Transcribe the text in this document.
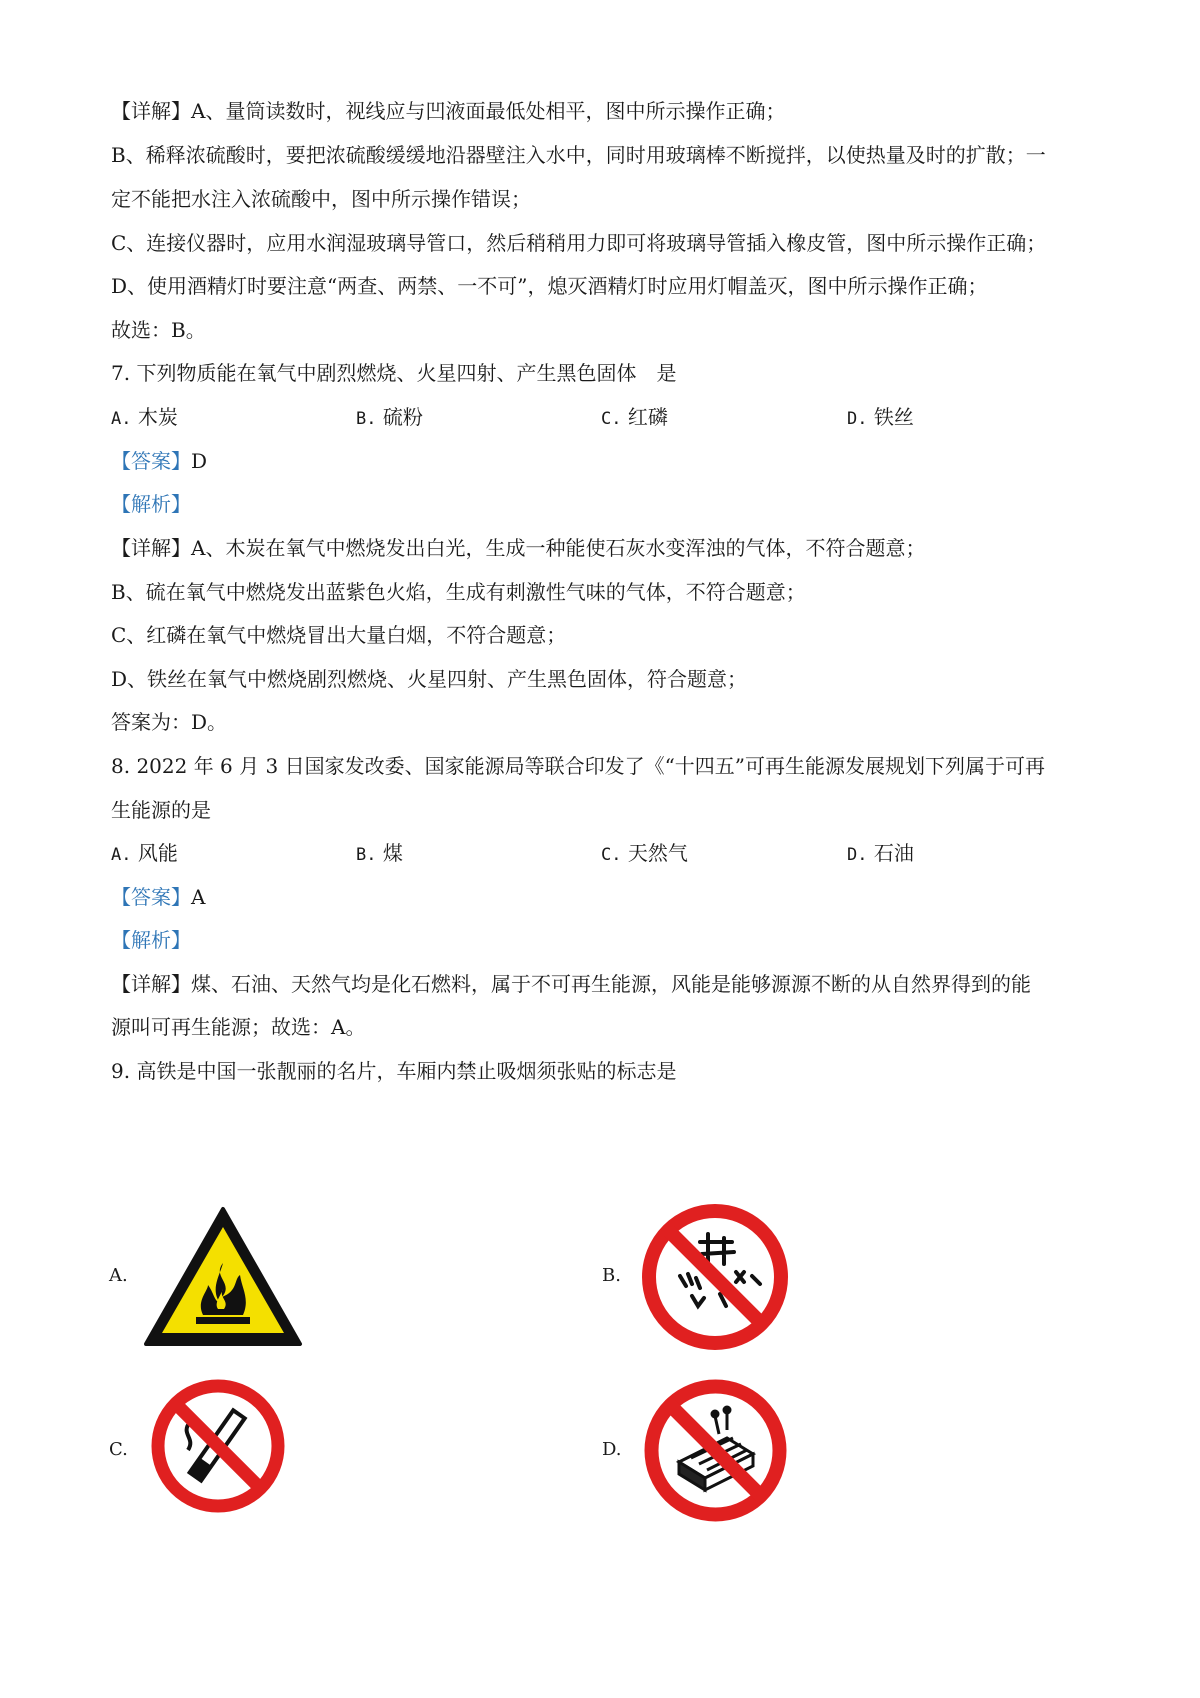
【详解】A、量筒读数时，视线应与凹液面最低处相平，图中所示操作正确；
B、稀释浓硫酸时，要把浓硫酸缓缓地沿器壁注入水中，同时用玻璃棒不断搅拌，以使热量及时的扩散；一
定不能把水注入浓硫酸中，图中所示操作错误；
C、连接仪器时，应用水润湿玻璃导管口，然后稍稍用力即可将玻璃导管插入橡皮管，图中所示操作正确；
D、使用酒精灯时要注意“两查、两禁、一不可”，熄灭酒精灯时应用灯帽盖灭，图中所示操作正确；
故选：B。
7. 下列物质能在氧气中剧烈燃烧、火星四射、产生黑色固体　是
A. 木炭	B. 硫粉	C. 红磷	D. 铁丝
【答案】D
【解析】
【详解】A、木炭在氧气中燃烧发出白光，生成一种能使石灰水变浑浊的气体，不符合题意；
B、硫在氧气中燃烧发出蓝紫色火焰，生成有刺激性气味的气体，不符合题意；
C、红磷在氧气中燃烧冒出大量白烟，不符合题意；
D、铁丝在氧气中燃烧剧烈燃烧、火星四射、产生黑色固体，符合题意；
答案为：D。
8. 2022 年 6 月 3 日国家发改委、国家能源局等联合印发了《“十四五”可再生能源发展规划下列属于可再
生能源的是
A. 风能	B. 煤	C. 天然气	D. 石油
【答案】A
【解析】
【详解】煤、石油、天然气均是化石燃料，属于不可再生能源，风能是能够源源不断的从自然界得到的能
源叫可再生能源；故选：A。
9. 高铁是中国一张靓丽的名片，车厢内禁止吸烟须张贴的标志是
A.	B.
C.	D.
